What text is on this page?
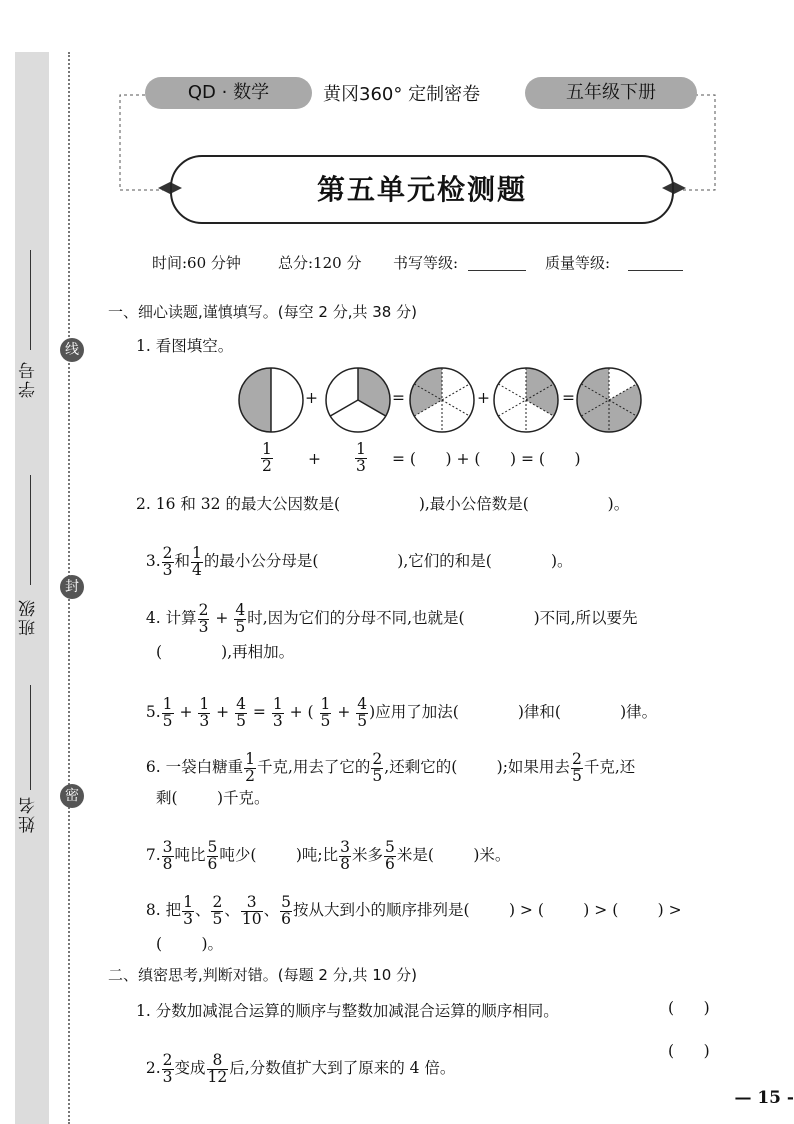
学号
班级
姓名
线
封
密
QD · 数学	黄冈360° 定制密卷	五年级下册
第五单元检测题
时间:60 分钟 总分:120 分 书写等级:	质量等级:
一、细心读题,谨慎填写。(每空 2 分,共 38 分)
1. 看图填空。
+	=	+	=
$\frac{1}{2} + \frac{1}{3}$ = (      ) + (      ) = (      )
2. 16 和 32 的最大公因数是(                ),最小公倍数是(                )。

3. $\frac{2}{3}$ 和 $\frac{1}{4}$ 的最小公分母是(                ),它们的和是(            )。

4. 计算 $\frac{2}{3} + \frac{4}{5}$ 时,因为它们的分母不同,也就是(              )不同,所以要先

(            ),再相加。

5. $\frac{1}{5} + \frac{1}{3} + \frac{4}{5} = \frac{1}{3}$ + ( $\frac{1}{5} + \frac{4}{5}$ )应用了加法(            )律和(            )律。

6. 一袋白糖重 $\frac{1}{2}$ 千克,用去了它的 $\frac{2}{5}$ ,还剩它的(        );如果用去 $\frac{2}{5}$ 千克,还

剩(        )千克。

7. $\frac{3}{8}$ 吨比 $\frac{5}{6}$ 吨少(        )吨;比 $\frac{3}{8}$ 米多 $\frac{5}{6}$ 米是(        )米。

8. 把 $\frac{1}{3}$ 、 $\frac{2}{5}$ 、 $\frac{3}{10}$ 、 $\frac{5}{6}$ 按从大到小的顺序排列是(        ) > (        ) > (        ) >

(        )。
二、缜密思考,判断对错。(每题 2 分,共 10 分)
1. 分数加减混合运算的顺序与整数加减混合运算的顺序相同。	(      )

2. $\frac{2}{3}$ 变成 $\frac{8}{12}$ 后,分数值扩大到了原来的 4 倍。

(      )
— 15 -
